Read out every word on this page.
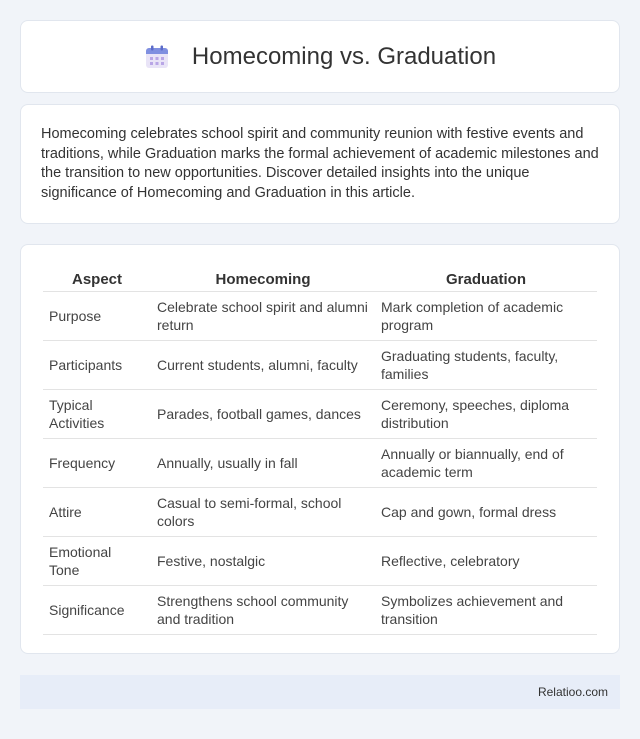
Homecoming vs. Graduation

Homecoming celebrates school spirit and community reunion with festive events and traditions, while Graduation marks the formal achievement of academic milestones and the transition to new opportunities. Discover detailed insights into the unique significance of Homecoming and Graduation in this article.

Aspect	Homecoming	Graduation
Purpose	Celebrate school spirit and alumni return	Mark completion of academic program
Participants	Current students, alumni, faculty	Graduating students, faculty, families
Typical Activities	Parades, football games, dances	Ceremony, speeches, diploma distribution
Frequency	Annually, usually in fall	Annually or biannually, end of academic term
Attire	Casual to semi-formal, school colors	Cap and gown, formal dress
Emotional Tone	Festive, nostalgic	Reflective, celebratory
Significance	Strengthens school community and tradition	Symbolizes achievement and transition
Relatioo.com
